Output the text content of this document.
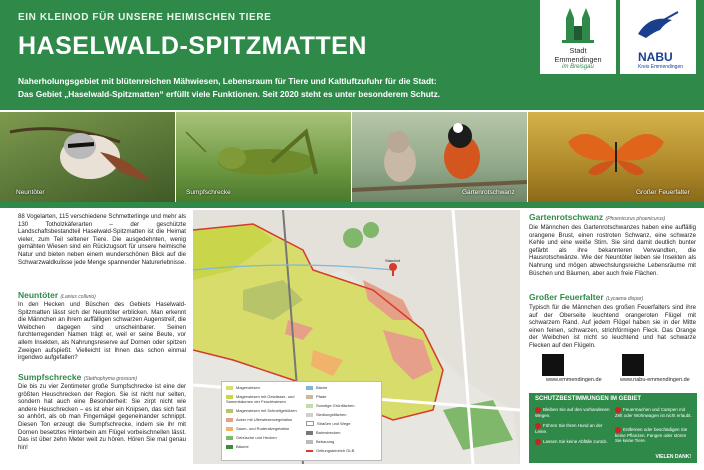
EIN KLEINOD FÜR UNSERE HEIMISCHEN TIERE
HASELWALD-SPITZMATTEN
Naherholungsgebiet mit blütenreichen Mähwiesen, Lebensraum für Tiere und Kaltluftzufuhr für die Stadt:
Das Gebiet „Haselwald-Spitzmatten“ erfüllt viele Funktionen. Seit 2020 steht es unter besonderem Schutz.
Stadt
Emmendingen
im Breisgau
NABU
Kreis Emmendingen
Neuntöter	Sumpfschrecke	Gartenrotschwanz	Großer Feuerfalter
88 Vogelarten, 115 verschiedene Schmetterlinge und mehr als 130 Totholzkäferarten – der geschützte Landschaftsbestandteil Haselwald-Spitzmatten ist die Heimat vieler, zum Teil seltener Tiere. Die ausgedehnten, wenig gemähten Wiesen sind ein Rückzugsort für unsere heimische Natur und bieten neben einem wunderschönen Blick auf die Schwarzwaldkulisse jede Menge spannender Naturerlebnisse.
Neuntöter (Lanius collurio)
In den Hecken und Büschen des Gebiets Haselwald-Spitzmatten lässt sich der Neuntöter erblicken. Man erkennt die Männchen an ihrem auffälligen schwarzen Augenstreif, die Weibchen dagegen sind unscheinbarer. Seinen furchterregenden Namen trägt er, weil er seine Beute, vor allem Insekten, als Nahrungsreserve auf Dornen oder spitzen Zweigen aufspießt. Vielleicht ist Ihnen das schon einmal irgendwo aufgefallen?
Sumpfschrecke (Stethophyma grossum)
Die bis zu vier Zentimeter große Sumpfschrecke ist eine der größten Heuschrecken der Region. Sie ist nicht nur selten, sondern hat auch eine Besonderheit: Sie zirpt nicht wie andere Heuschrecken – es ist eher ein Knipsen, das sich fast so anhört, als ob man Fingernägel gegeneinander schnippt. Diesen Ton erzeugt die Sumpfschrecke, indem sie ihr mit Dornen besetztes Hinterbein am Flügel vorbeischnellen lässt. Das ist über zehn Meter weit zu hören. Hören Sie mal genau hin!
Standort
Magerwiesen
Magerwiesen mit Gewässer- und Samenbäumen der Feuchtwiesen
Magerwiesen mit Schnellgehölzen
Acker mit Uferwiesenvegetation
Saum- und Ruderalvegetation
Gebüsche und Hecken
Bäume
Bäche
Pfade
Sonstige Grünflächen
Siedlungsflächen
Straßen und Wege
Bahnstrecken
Bebauung
Geltungsbereich GLB
Gartenrotschwanz (Phoenicurus phoenicurus)
Die Männchen des Gartenrotschwanzes haben eine auffällig orangene Brust, einen rostroten Schwanz, eine schwarze Kehle und eine weiße Stirn. Sie sind damit deutlich bunter gefärbt als ihre bekannteren Verwandten, die Hausrotschwänze. Wie der Neuntöter lieben sie Insekten als Nahrung und mögen abwechslungsreiche Lebensräume mit Büschen und Bäumen, aber auch freie Flächen.
Großer Feuerfalter (Lycaena dispar)
Typisch für die Männchen des großen Feuerfalters sind ihre auf der Oberseite leuchtend orangeroten Flügel mit schwarzem Rand. Auf jedem Flügel haben sie in der Mitte einen feinen, schwarzen, strichförmigen Fleck. Das Orange der Weibchen ist nicht so leuchtend und hat schwarze Flecken auf den Flügeln.
www.emmendingen.de	www.nabu-emmendingen.de
SCHUTZBESTIMMUNGEN IM GEBIET
Bleiben Sie auf den vorhandenen Wegen.
Führen Sie Ihren Hund an der Leine.
Lassen Sie keine Abfälle zurück.
Feuermachen und Campen mit Zelt oder Wohnwagen ist nicht erlaubt.
Entfernen oder beschädigen Sie keine Pflanzen. Fangen oder stören Sie keine Tiere.
VIELEN DANK!
